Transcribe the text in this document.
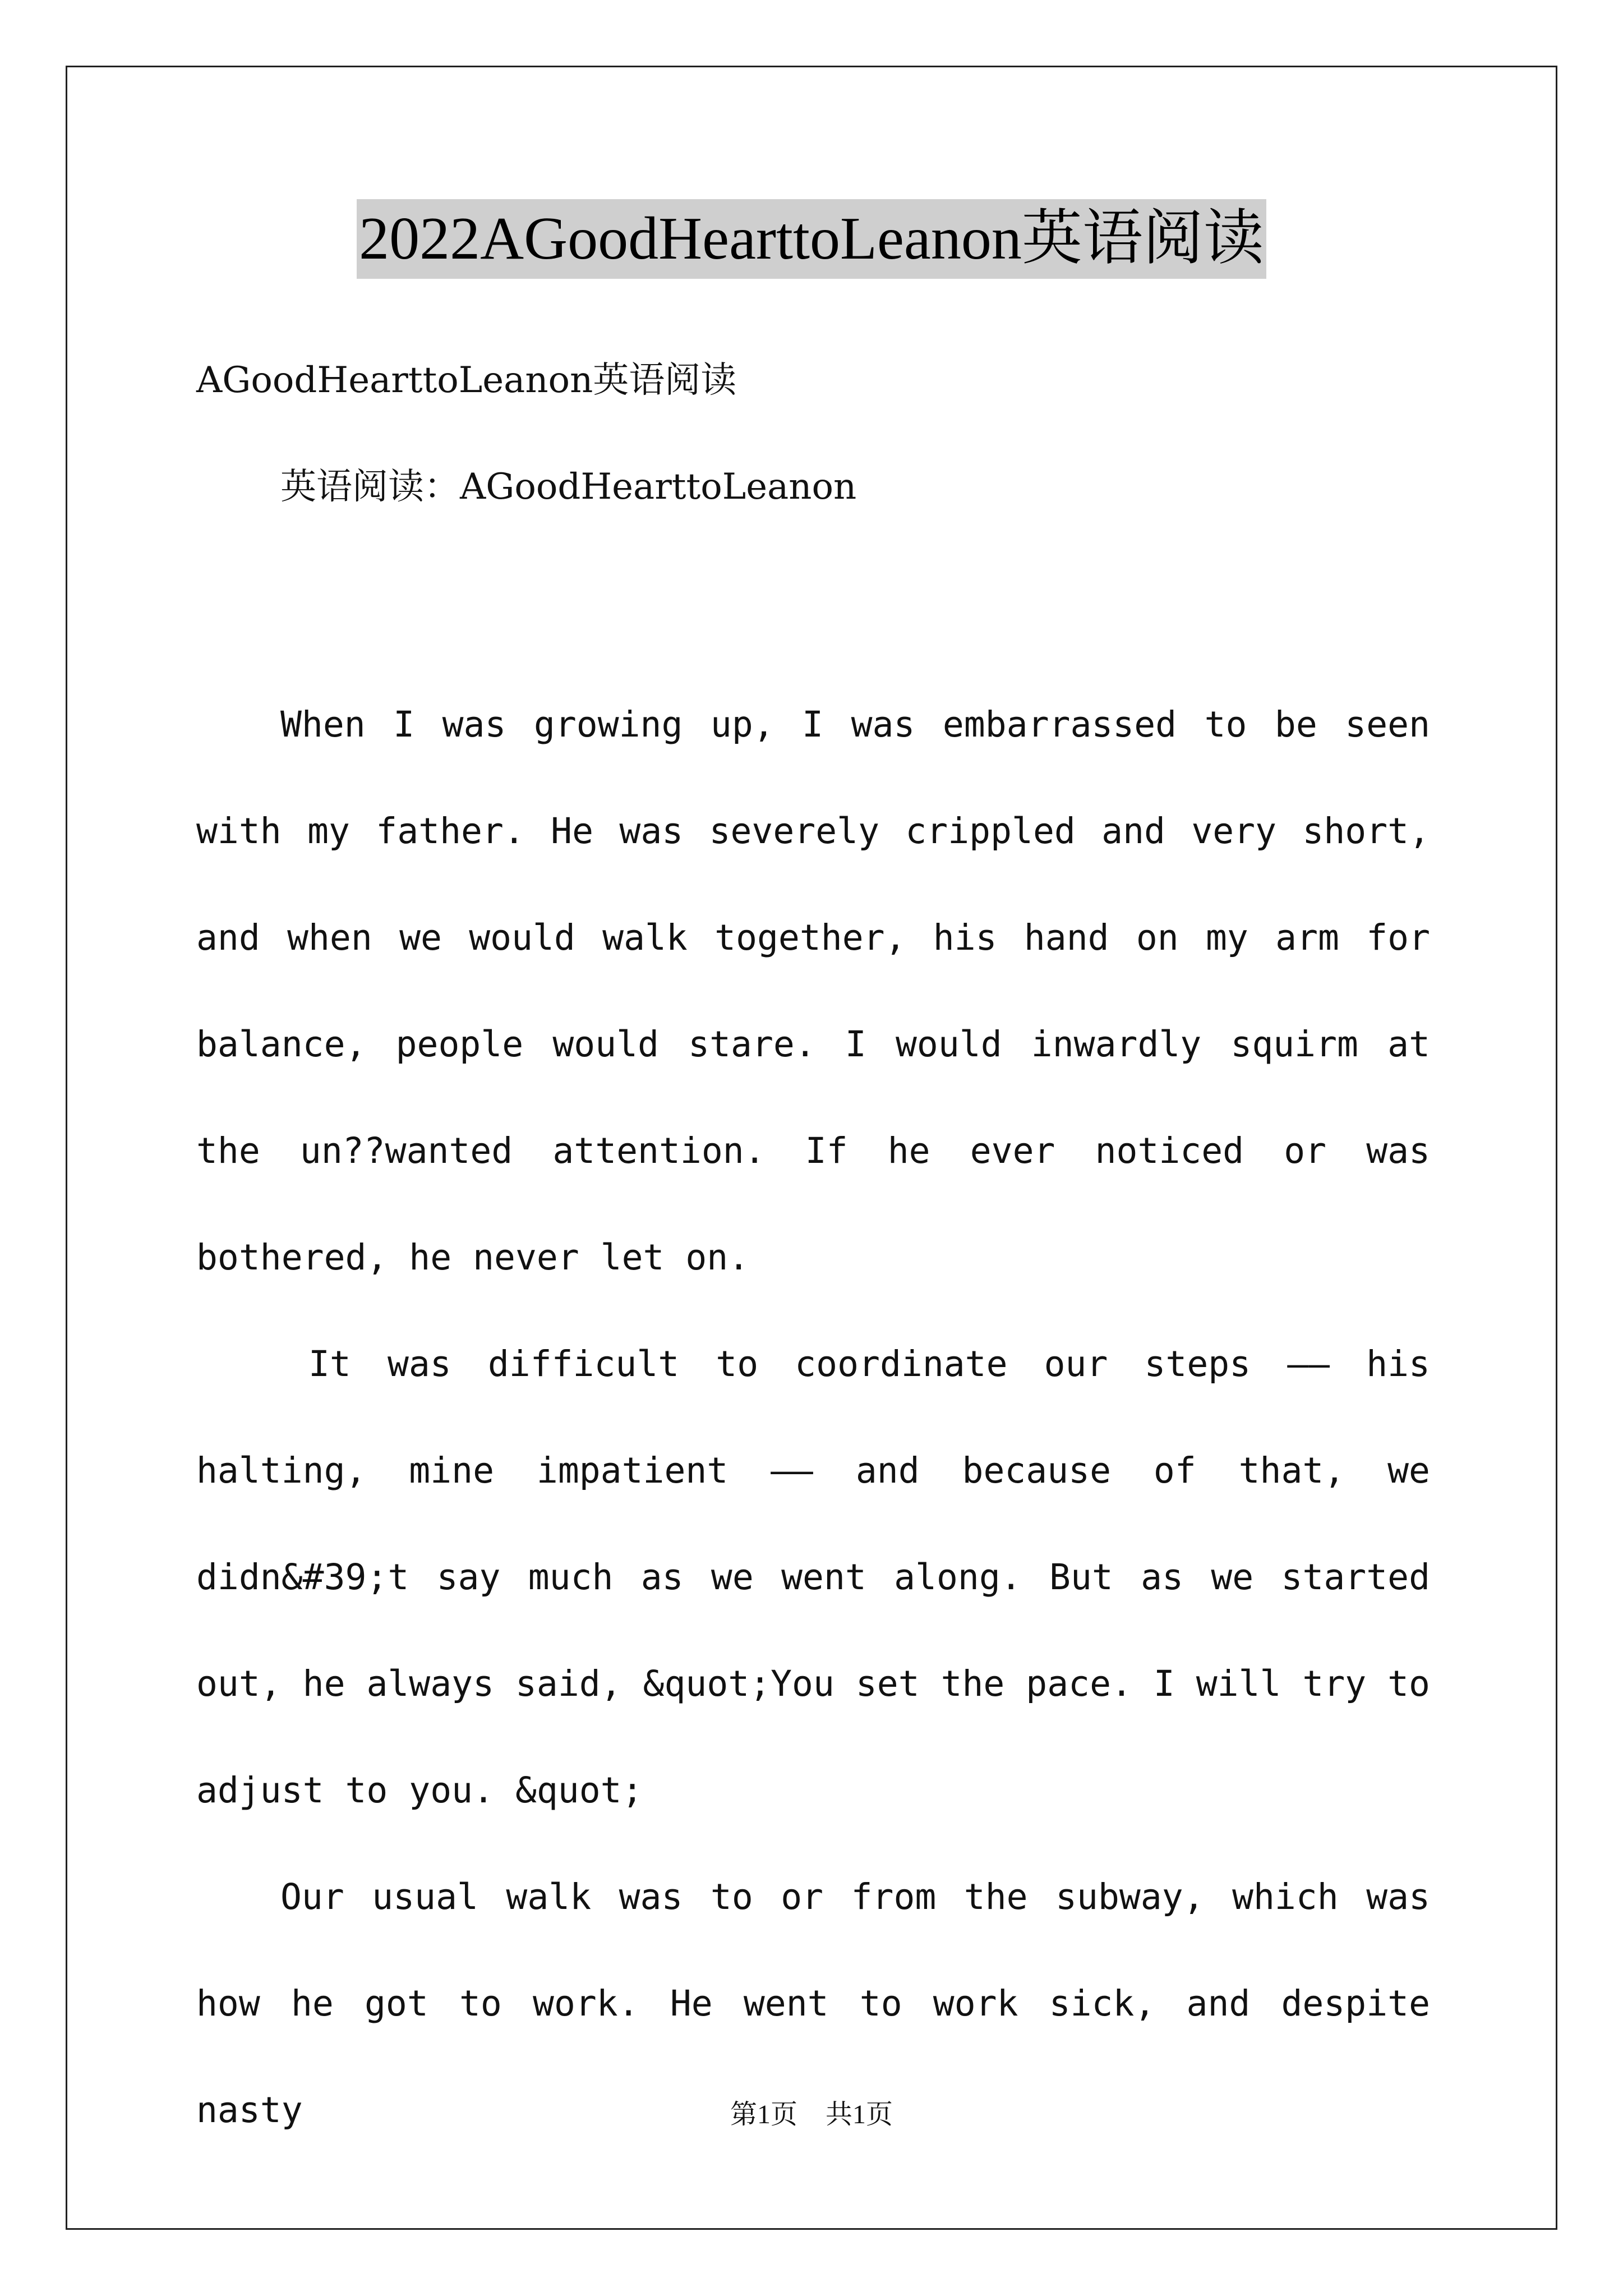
2022AGoodHearttoLeanon英语阅读
AGoodHearttoLeanon英语阅读
英语阅读：AGoodHearttoLeanon

When I was growing up, I was embarrassed to be seen with my father. He was severely crippled and very short, and when we would walk together, his hand on my arm for balance, people would stare. I would inwardly squirm at the un??wanted attention. If he ever noticed or was bothered, he never let on.

It was difficult to coordinate our steps —— his halting, mine impatient —— and because of that, we didn&#39;t say much as we went along. But as we started out, he always said, &quot;You set the pace. I will try to adjust to you. &quot;

Our usual walk was to or from the subway, which was how he got to work. He went to work sick, and despite nasty	第1页 共1页
